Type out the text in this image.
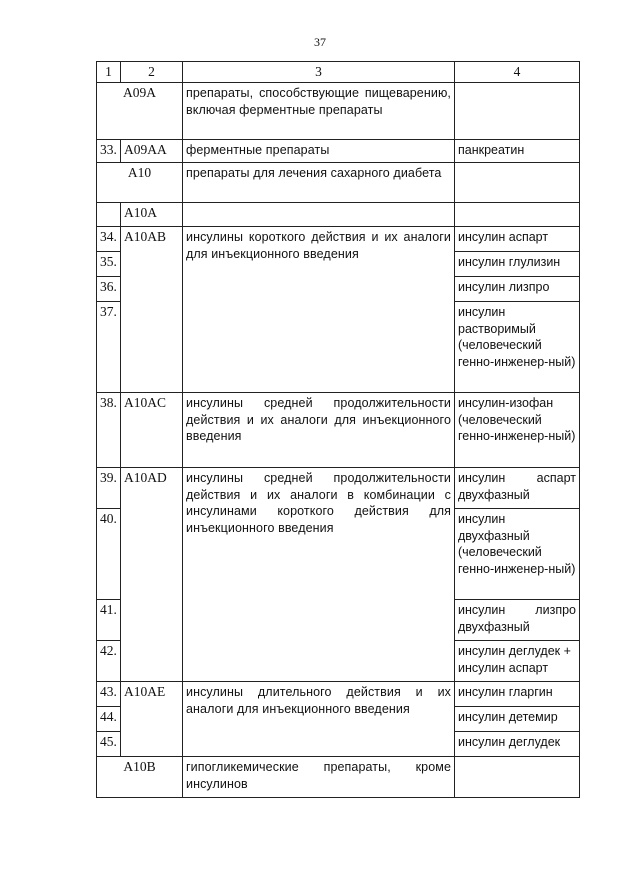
37
1	2	3	4
A09A		препараты, способствующие пищеварению, включая ферментные препараты	
33.	A09AA	ферментные препараты	панкреатин
A10		препараты для лечения сахарного диабета	
	A10A		
34.	A10AB	инсулины короткого действия и их аналоги для инъекционного введения	инсулин аспарт
35.			инсулин глулизин
36.			инсулин лизпро
37.			инсулин растворимый (человеческий генно-инженер-ный)
38.	A10AC	инсулины средней продолжительности действия и их аналоги для инъекционного введения	инсулин-изофан (человеческий генно-инженер-ный)
39.	A10AD	инсулины средней продолжительности действия и их аналоги в комбинации с инсулинами короткого действия для инъекционного введения	инсулин аспарт двухфазный
40.			инсулин двухфазный (человеческий генно-инженер-ный)
41.			инсулин лизпро двухфазный
42.			инсулин деглудек + инсулин аспарт
43.	A10AE	инсулины длительного действия и их аналоги для инъекционного введения	инсулин гларгин
44.			инсулин детемир
45.			инсулин деглудек
A10B		гипогликемические препараты, кроме инсулинов	
